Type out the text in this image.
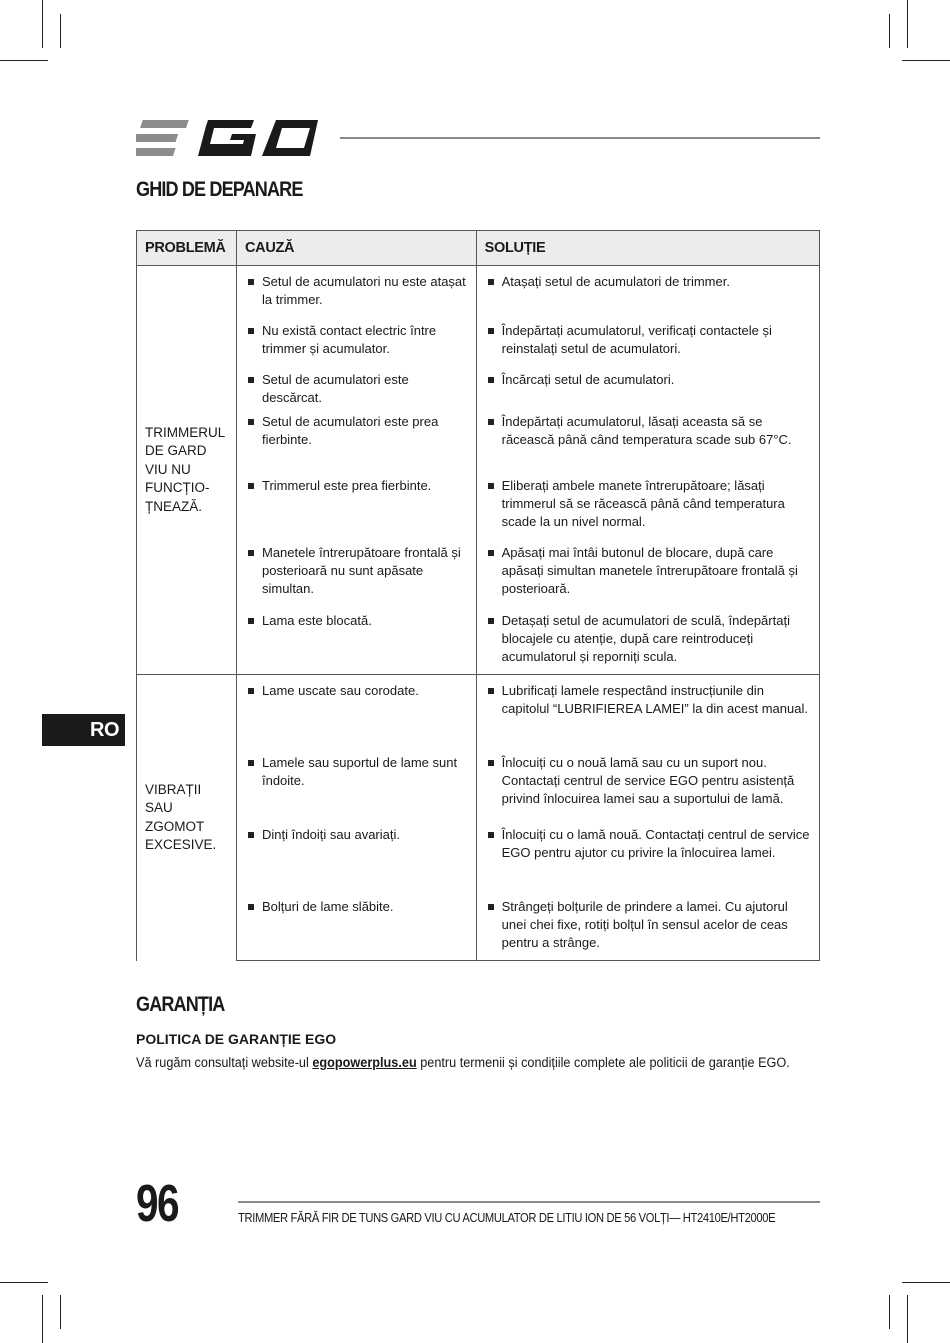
GHID DE DEPANARE
PROBLEMĂ	CAUZĂ	SOLUȚIE
TRIMMERUL DE GARD VIU NU FUNCȚIO-ȚNEAZĂ.	Setul de acumulatori nu este atașat la trimmer.	Atașați setul de acumulatori de trimmer.

Nu există contact electric între trimmer și acumulator.	Îndepărtați acumulatorul, verificați contactele și reinstalați setul de acumulatori.

Setul de acumulatori este descărcat.	Încărcați setul de acumulatori.

Setul de acumulatori este prea fierbinte.	Îndepărtați acumulatorul, lăsați aceasta să se răcească până când temperatura scade sub 67°C.

Trimmerul este prea fierbinte.	Eliberați ambele manete întrerupătoare; lăsați trimmerul să se răcească până când temperatura scade la un nivel normal.

Manetele întrerupătoare frontală și posterioară nu sunt apăsate simultan.	Apăsați mai întâi butonul de blocare, după care apăsați simultan manetele întrerupătoare frontală și posterioară.

Lama este blocată.	Detașați setul de acumulatori de sculă, îndepărtați blocajele cu atenție, după care reintroduceți acumulatorul și reporniți scula.

VIBRAȚII SAU ZGOMOT EXCESIVE.	Lame uscate sau corodate.	Lubrificați lamele respectând instrucțiunile din capitolul “LUBRIFIEREA LAMEI” la din acest manual.

Lamele sau suportul de lame sunt îndoite.	Înlocuiți cu o nouă lamă sau cu un suport nou. Contactați centrul de service EGO pentru asistență privind înlocuirea lamei sau a suportului de lamă.

Dinți îndoiți sau avariați.	Înlocuiți cu o lamă nouă. Contactați centrul de service EGO pentru ajutor cu privire la înlocuirea lamei.

Bolțuri de lame slăbite.	Strângeți bolțurile de prindere a lamei. Cu ajutorul unei chei fixe, rotiți bolțul în sensul acelor de ceas pentru a strânge.
RO
GARANȚIA
POLITICA DE GARANȚIE EGO

Vă rugăm consultați website-ul egopowerplus.eu pentru termenii și condițiile complete ale politicii de garanție EGO.

96	TRIMMER FĂRĂ FIR DE TUNS GARD VIU CU ACUMULATOR DE LITIU ION DE 56 VOLȚI— HT2410E/HT2000E
